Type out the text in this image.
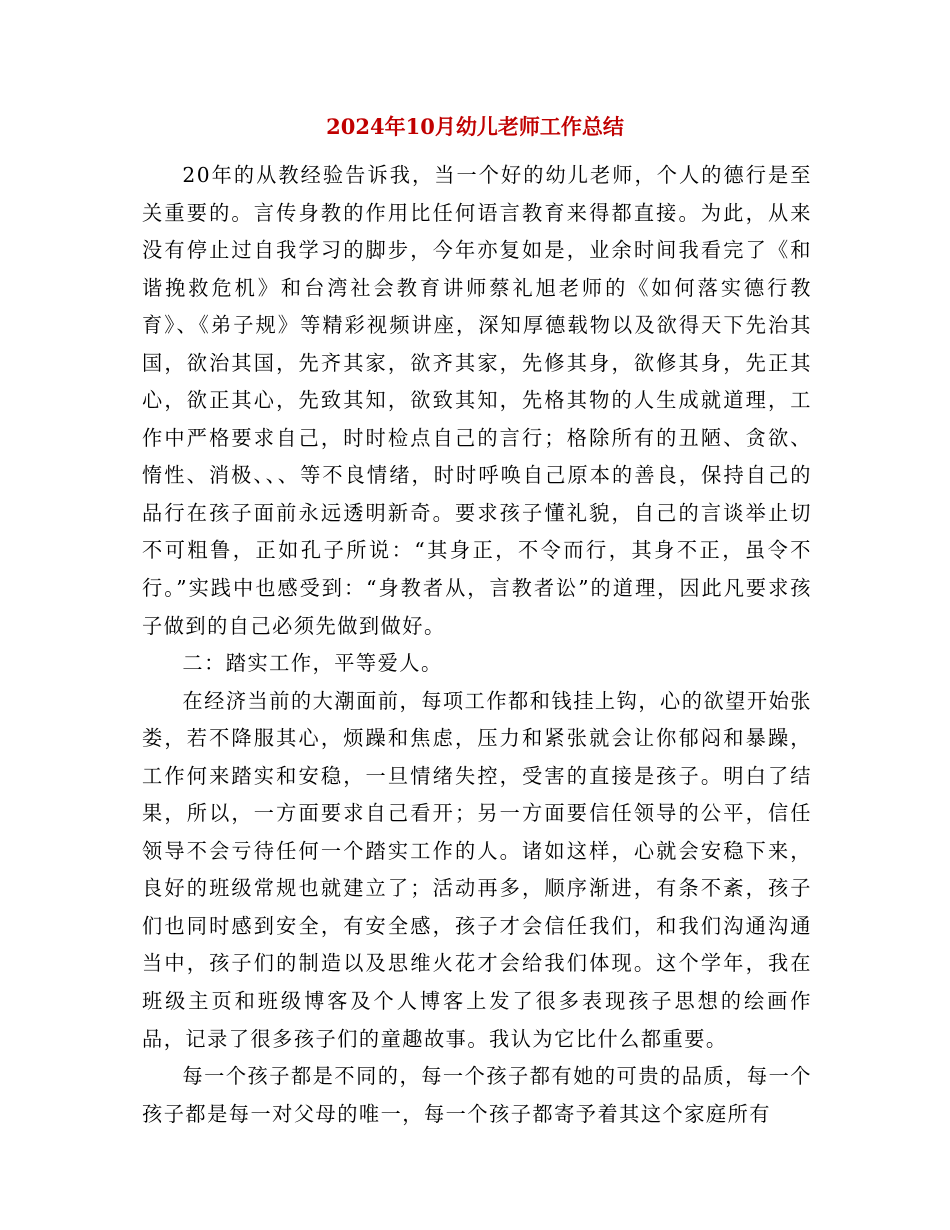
2024年10月幼儿老师工作总结

20年的从教经验告诉我，当一个好的幼儿老师，个人的德行是至关重要的。言传身教的作用比任何语言教育来得都直接。为此，从来没有停止过自我学习的脚步，今年亦复如是，业余时间我看完了《和谐挽救危机》和台湾社会教育讲师蔡礼旭老师的《如何落实德行教育》、《弟子规》等精彩视频讲座，深知厚德载物以及欲得天下先治其国，欲治其国，先齐其家，欲齐其家，先修其身，欲修其身，先正其心，欲正其心，先致其知，欲致其知，先格其物的人生成就道理，工作中严格要求自己，时时检点自己的言行；格除所有的丑陋、贪欲、惰性、消极、、、等不良情绪，时时呼唤自己原本的善良，保持自己的品行在孩子面前永远透明新奇。要求孩子懂礼貌，自己的言谈举止切不可粗鲁，正如孔子所说：“其身正，不令而行，其身不正，虽令不行。”实践中也感受到：“身教者从，言教者讼”的道理，因此凡要求孩子做到的自己必须先做到做好。

二：踏实工作，平等爱人。

在经济当前的大潮面前，每项工作都和钱挂上钩，心的欲望开始张娄，若不降服其心，烦躁和焦虑，压力和紧张就会让你郁闷和暴躁，工作何来踏实和安稳，一旦情绪失控，受害的直接是孩子。明白了结果，所以，一方面要求自己看开；另一方面要信任领导的公平，信任领导不会亏待任何一个踏实工作的人。诸如这样，心就会安稳下来，良好的班级常规也就建立了；活动再多，顺序渐进，有条不紊，孩子们也同时感到安全，有安全感，孩子才会信任我们，和我们沟通沟通当中，孩子们的制造以及思维火花才会给我们体现。这个学年，我在班级主页和班级博客及个人博客上发了很多表现孩子思想的绘画作品，记录了很多孩子们的童趣故事。我认为它比什么都重要。

每一个孩子都是不同的，每一个孩子都有她的可贵的品质，每一个孩子都是每一对父母的唯一，每一个孩子都寄予着其这个家庭所有
